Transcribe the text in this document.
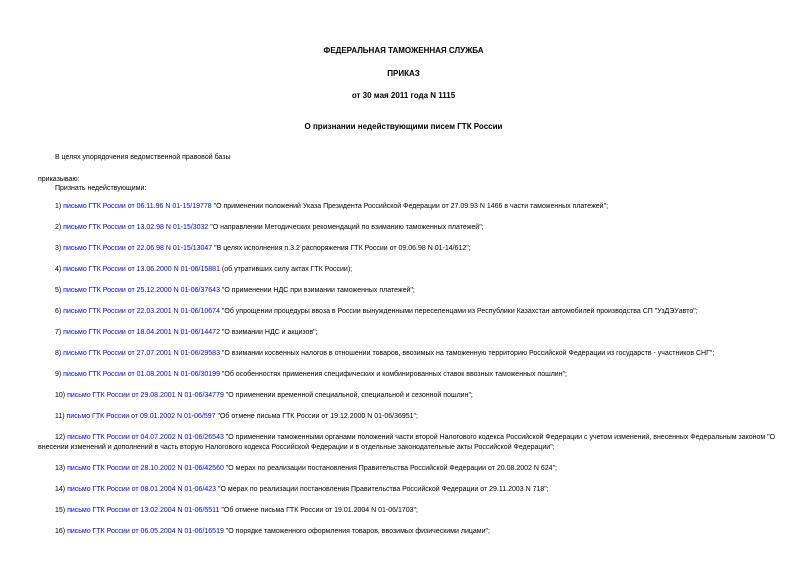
ФЕДЕРАЛЬНАЯ ТАМОЖЕННАЯ СЛУЖБА
ПРИКАЗ
от 30 мая 2011 года N 1115
О признании недействующими писем ГТК России
В целях упорядочения ведомственной правовой базы
приказываю:
Признать недействующими:
1) письмо ГТК России от 06.11.96 N 01-15/19778 "О применении положений Указа Президента Российской Федерации от 27.09.93 N 1466 в части таможенных платежей";
2) письмо ГТК России от 13.02.98 N 01-15/3032 "О направлении Методических рекомендаций по взиманию таможенных платежей";
3) письмо ГТК России от 22.06.98 N 01-15/13047 "В целях исполнения п.3.2 распоряжения ГТК России от 09.06.98 N 01-14/612";
4) письмо ГТК России от 13.06.2000 N 01-06/15881 (об утративших силу актах ГТК России);
5) письмо ГТК России от 25.12.2000 N 01-06/37643 "О применении НДС при взимании таможенных платежей";
6) письмо ГТК России от 22.03.2001 N 01-06/10674 "Об упрощении процедуры ввоза в России вынужденными переселенцами из Республики Казахстан автомобилей производства СП "УзДЭУавто";
7) письмо ГТК России от 18.04.2001 N 01-06/14472 "О взимании НДС и акцизов";
8) письмо ГТК России от 27.07.2001 N 01-06/29583 "О взимании косвенных налогов в отношении товаров, ввозимых на таможенную территорию Российской Федерации из государств - участников СНГ";
9) письмо ГТК России от 01.08.2001 N 01-06/30199 "Об особенностях применения специфических и комбинированных ставок ввозных таможенных пошлин";
10) письмо ГТК России от 29.08.2001 N 01-06/34779 "О применении временной специальной, специальной и сезонной пошлин";
11) письмо ГТК России от 09.01.2002 N 01-06/597 "Об отмене письма ГТК России от 19.12.2000 N 01-06/36951";
12) письмо ГТК России от 04.07.2002 N 01-06/26543 "О применении таможенными органами положений части второй Налогового кодекса Российской Федерации с учетом изменений, внесенных Федеральным законом "О внесении изменений и дополнений в часть вторую Налогового кодекса Российской Федерации и в отдельные законодательные акты Российской Федерации";
13) письмо ГТК России от 28.10.2002 N 01-06/42560 "О мерах по реализации постановления Правительства Российской Федерации от 20.08.2002 N 624";
14) письмо ГТК России от 08.01.2004 N 01-06/423 "О мерах по реализации постановления Правительства Российской Федерации от 29.11.2003 N 718";
15) письмо ГТК России от 13.02.2004 N 01-06/5511 "Об отмене письма ГТК России от 19.01.2004 N 01-06/1703";
16) письмо ГТК России от 06.05.2004 N 01-06/16519 "О порядке таможенного оформления товаров, ввозимых физическими лицами";
